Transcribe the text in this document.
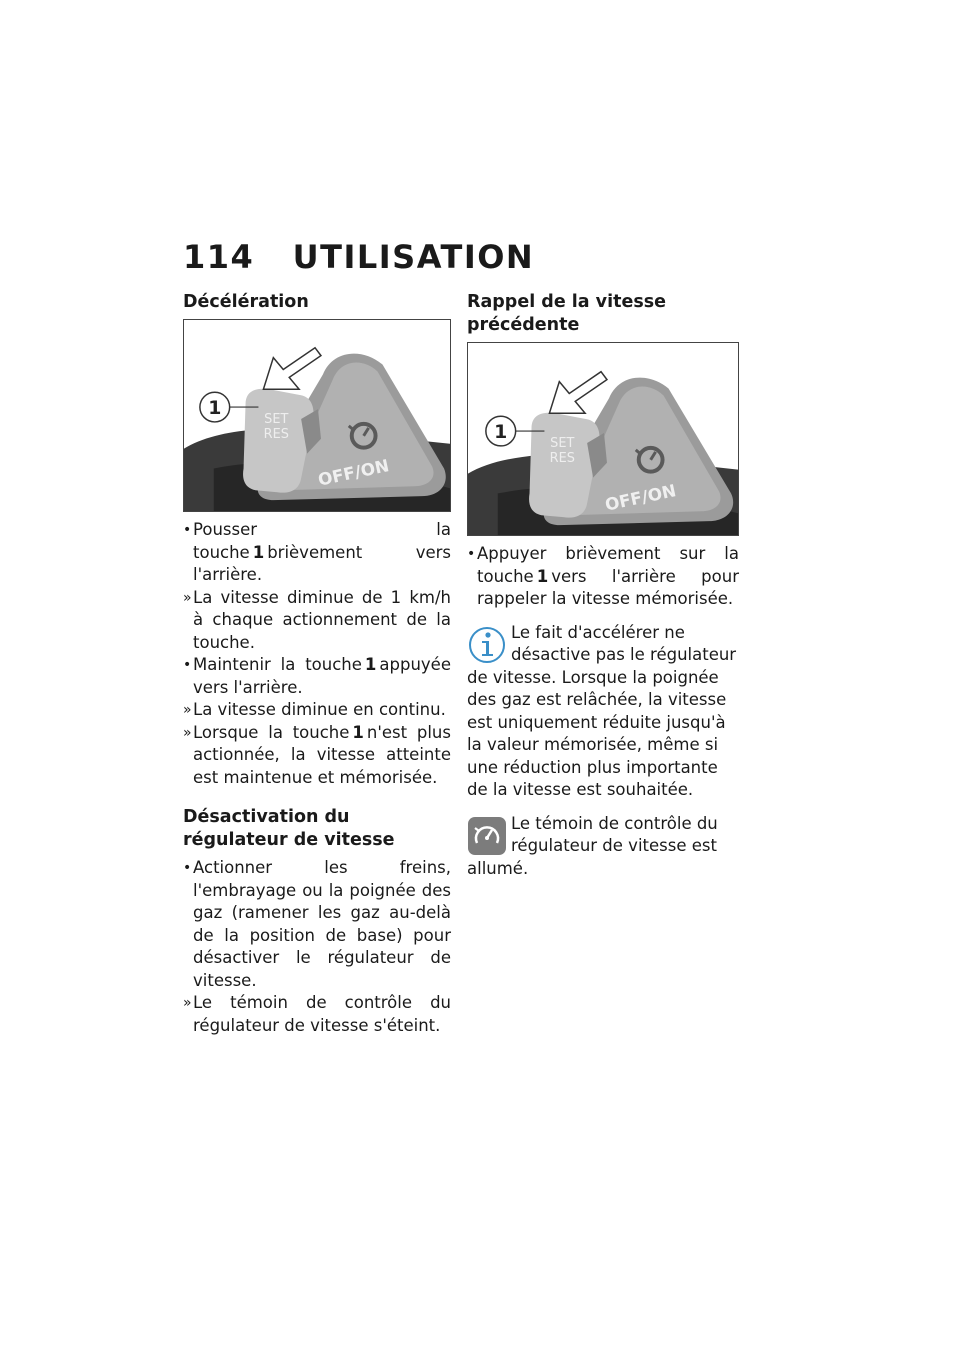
114 UTILISATION
Décélération
1
SET
RES
OFF/ON
• Pousser la touche 1 brièvement vers l'arrière.
» La vitesse diminue de 1 km/h à chaque actionnement de la touche.
• Maintenir la touche 1 appuyée vers l'arrière.
» La vitesse diminue en continu.
» Lorsque la touche 1 n'est plus actionnée, la vitesse atteinte est maintenue et mémorisée.
Désactivation du régulateur de vitesse
• Actionner les freins, l'embrayage ou la poignée des gaz (ramener les gaz au-delà de la position de base) pour désactiver le régulateur de vitesse.
» Le témoin de contrôle du régulateur de vitesse s'éteint.
Rappel de la vitesse précédente
1
SET
RES
OFF/ON
• Appuyer brièvement sur la touche 1 vers l'arrière pour rappeler la vitesse mémorisée.
Le fait d'accélérer ne désactive pas le régulateur de vitesse. Lorsque la poignée des gaz est relâchée, la vitesse est uniquement réduite jusqu'à la valeur mémorisée, même si une réduction plus importante de la vitesse est souhaitée.
Le témoin de contrôle du régulateur de vitesse est allumé.
